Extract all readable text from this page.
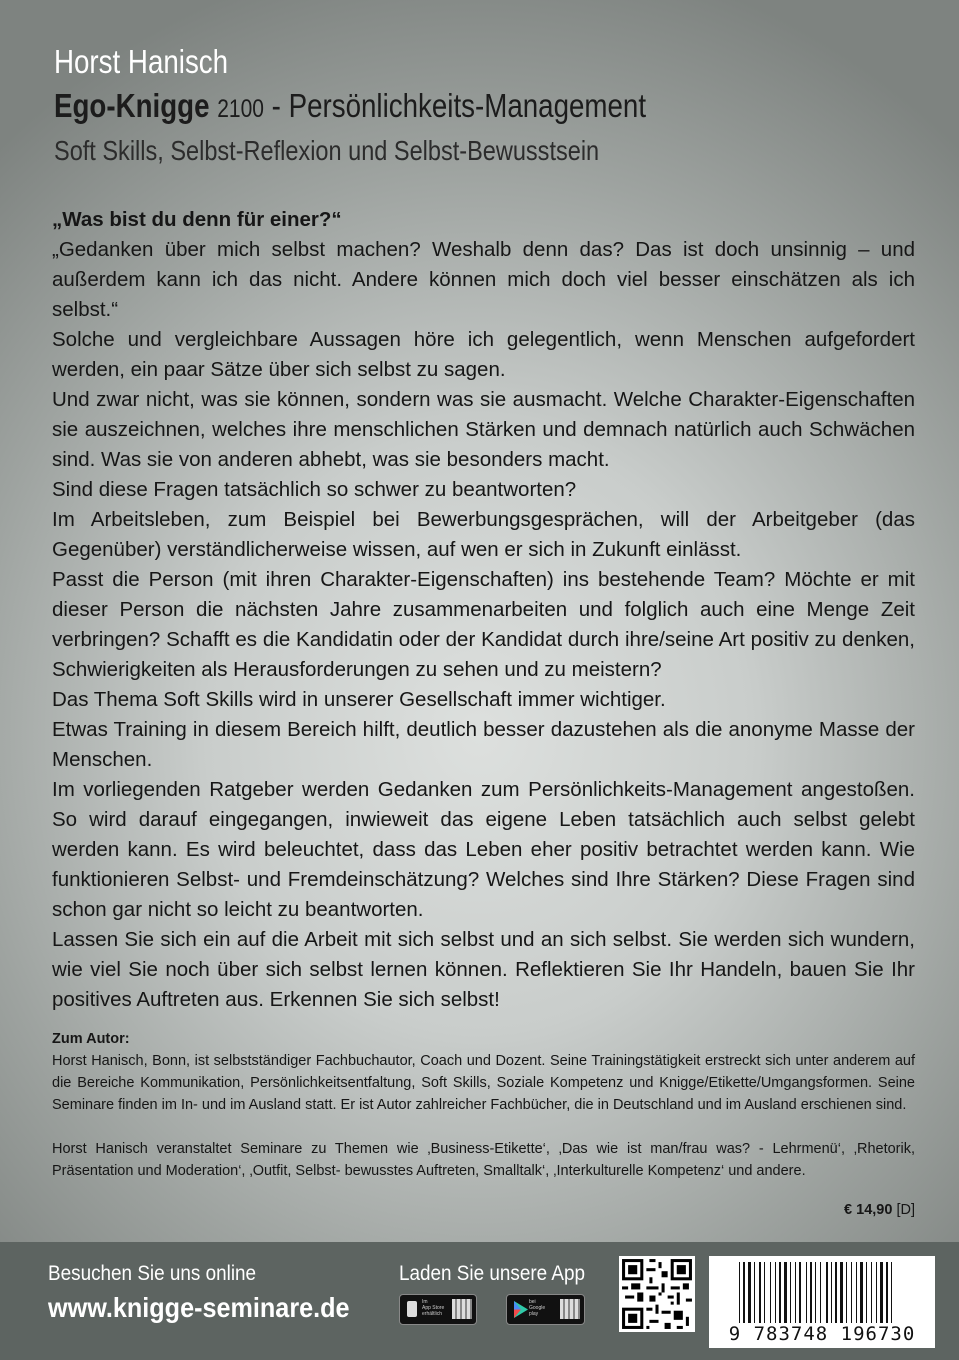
Horst Hanisch
Ego-Knigge 2100 - Persönlichkeits-Management
Soft Skills, Selbst-Reflexion und Selbst-Bewusstsein
„Was bist du denn für einer?“
„Gedanken über mich selbst machen? Weshalb denn das? Das ist doch unsinnig – und außerdem kann ich das nicht. Andere können mich doch viel besser einschätzen als ich selbst.“
Solche und vergleichbare Aussagen höre ich gelegentlich, wenn Menschen aufgefordert werden, ein paar Sätze über sich selbst zu sagen.
Und zwar nicht, was sie können, sondern was sie ausmacht. Welche Charakter-Eigenschaften sie auszeichnen, welches ihre menschlichen Stärken und demnach natürlich auch Schwächen sind. Was sie von anderen abhebt, was sie besonders macht.
Sind diese Fragen tatsächlich so schwer zu beantworten?
Im Arbeitsleben, zum Beispiel bei Bewerbungsgesprächen, will der Arbeitgeber (das Gegenüber) verständlicherweise wissen, auf wen er sich in Zukunft einlässt.
Passt die Person (mit ihren Charakter-Eigenschaften) ins bestehende Team? Möchte er mit dieser Person die nächsten Jahre zusammenarbeiten und folglich auch eine Menge Zeit verbringen? Schafft es die Kandidatin oder der Kandidat durch ihre/seine Art positiv zu denken, Schwierigkeiten als Herausforderungen zu sehen und zu meistern?
Das Thema Soft Skills wird in unserer Gesellschaft immer wichtiger.
Etwas Training in diesem Bereich hilft, deutlich besser dazustehen als die anonyme Masse der Menschen.
Im vorliegenden Ratgeber werden Gedanken zum Persönlichkeits-Management angestoßen. So wird darauf eingegangen, inwieweit das eigene Leben tatsächlich auch selbst gelebt werden kann. Es wird beleuchtet, dass das Leben eher positiv betrachtet werden kann. Wie funktionieren Selbst- und Fremdeinschätzung? Welches sind Ihre Stärken? Diese Fragen sind schon gar nicht so leicht zu beantworten.
Lassen Sie sich ein auf die Arbeit mit sich selbst und an sich selbst. Sie werden sich wundern, wie viel Sie noch über sich selbst lernen können. Reflektieren Sie Ihr Handeln, bauen Sie Ihr positives Auftreten aus. Erkennen Sie sich selbst!
Zum Autor:
Horst Hanisch, Bonn, ist selbstständiger Fachbuchautor, Coach und Dozent. Seine Trainingstätigkeit erstreckt sich unter anderem auf die Bereiche Kommunikation, Persönlichkeitsentfaltung, Soft Skills, Soziale Kompetenz und Knigge/Etikette/Umgangsformen. Seine Seminare finden im In- und im Ausland statt. Er ist Autor zahlreicher Fachbücher, die in Deutschland und im Ausland erschienen sind.
Horst Hanisch veranstaltet Seminare zu Themen wie ‚Business-Etikette‘, ‚Das wie ist man/frau was? - Lehrmenü‘, ‚Rhetorik, Präsentation und Moderation‘, ‚Outfit, Selbst- bewusstes Auftreten, Smalltalk‘, ‚Interkulturelle Kompetenz‘ und andere.
€ 14,90 [D]
Besuchen Sie uns online
www.knigge-seminare.de
Laden Sie unsere App
Im
App Store
erhältlich
bei
Google
play
9 783748 196730
